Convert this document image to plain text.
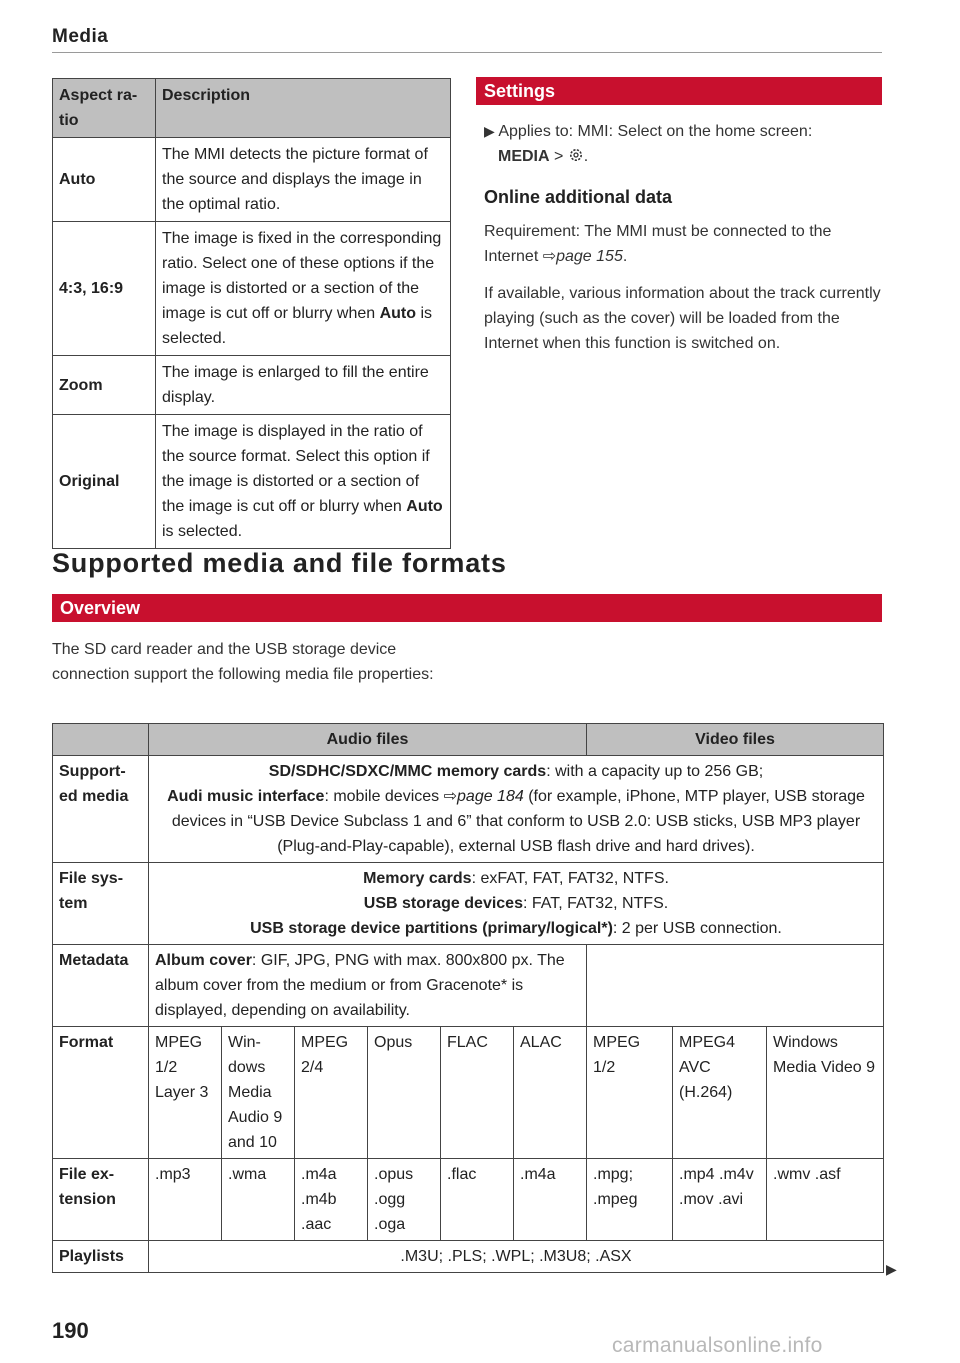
Media
Aspect ra-tio	Description
Auto	The MMI detects the picture format of the source and displays the image in the optimal ratio.
4:3, 16:9	The image is fixed in the corresponding ratio. Select one of these options if the image is distorted or a section of the image is cut off or blurry when Auto is selected.
Zoom	The image is enlarged to fill the entire display.
Original	The image is displayed in the ratio of the source format. Select this option if the image is distorted or a section of the image is cut off or blurry when Auto is selected.
Settings
▶ Applies to: MMI: Select on the home screen:
MEDIA > .
Online additional data
Requirement: The MMI must be connected to the Internet ⇨page 155.
If available, various information about the track currently playing (such as the cover) will be loaded from the Internet when this function is switched on.
Supported media and file formats
Overview
The SD card reader and the USB storage device connection support the following media file properties:
	Audio files						Video files		
Support-ed media	SD/SDHC/SDXC/MMC memory cards: with a capacity up to 256 GB;
Audi music interface: mobile devices ⇨page 184 (for example, iPhone, MTP player, USB storage devices in “USB Device Subclass 1 and 6” that conform to USB 2.0: USB sticks, USB MP3 player (Plug-and-Play-capable), external USB flash drive and hard drives).								
File sys-tem	Memory cards: exFAT, FAT, FAT32, NTFS.
USB storage devices: FAT, FAT32, NTFS.
USB storage device partitions (primary/logical*): 2 per USB connection.								
Metadata	Album cover: GIF, JPG, PNG with max. 800x800 px. The album cover from the medium or from Gracenote* is displayed, depending on availability.								
Format	MPEG 1/2 Layer 3	Win-dows Media Audio 9 and 10	MPEG 2/4	Opus	FLAC	ALAC	MPEG 1/2	MPEG4 AVC (H.264)	Windows Media Video 9
File ex-tension	.mp3	.wma	.m4a .m4b .aac	.opus .ogg .oga	.flac	.m4a	.mpg; .mpeg	.mp4 .m4v .mov .avi	.wmv .asf
Playlists	.M3U; .PLS; .WPL; .M3U8; .ASX								
▶
190
carmanualsonline.info
